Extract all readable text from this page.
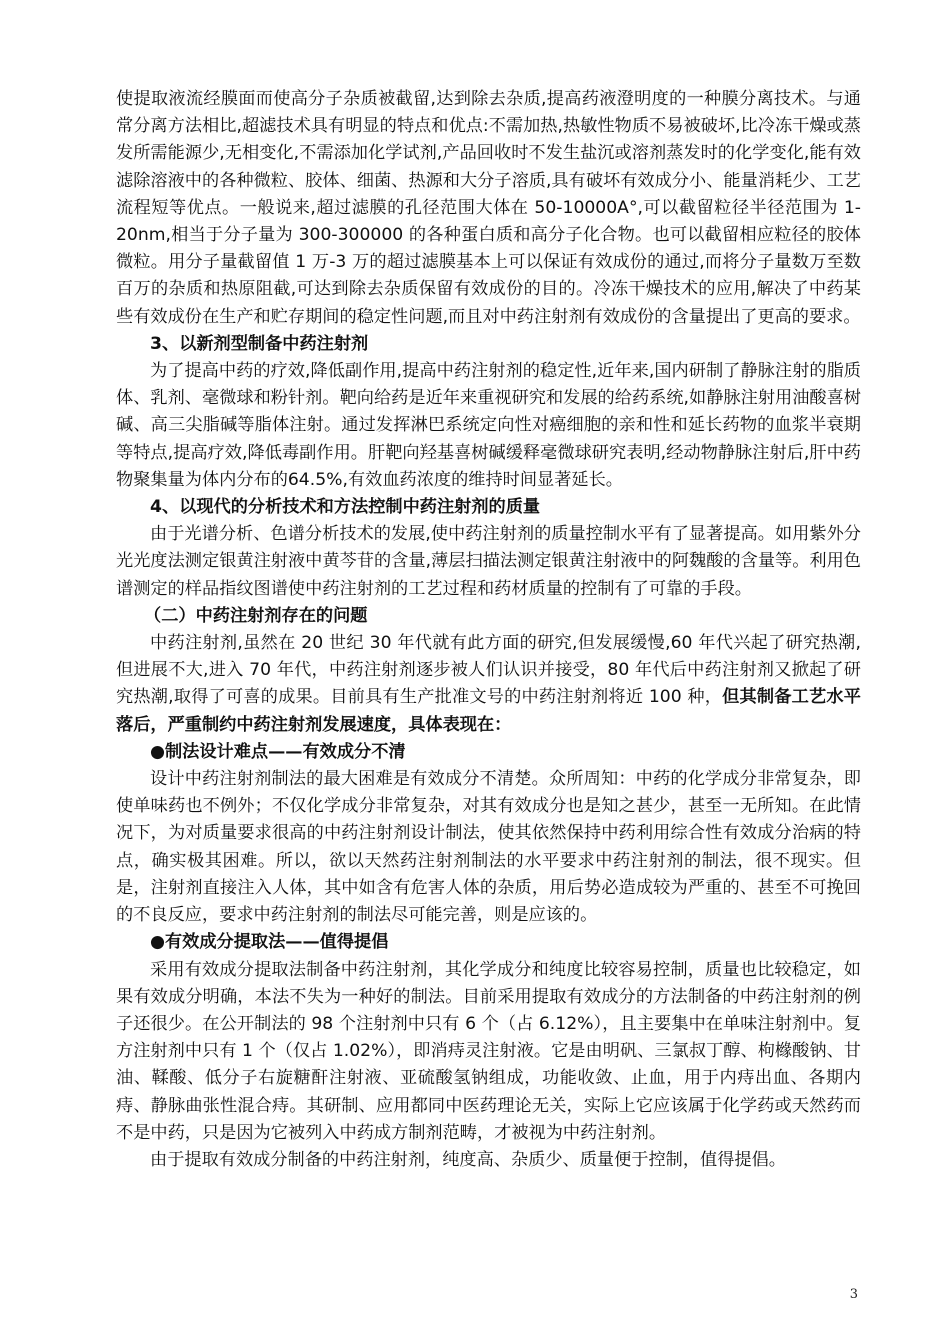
使提取液流经膜面而使高分子杂质被截留,达到除去杂质,提高药液澄明度的一种膜分离技术。与通常分离方法相比,超滤技术具有明显的特点和优点:不需加热,热敏性物质不易被破坏,比冷冻干燥或蒸发所需能源少,无相变化,不需添加化学试剂,产品回收时不发生盐沉或溶剂蒸发时的化学变化,能有效滤除溶液中的各种微粒、胶体、细菌、热源和大分子溶质,具有破坏有效成分小、能量消耗少、工艺流程短等优点。一般说来,超过滤膜的孔径范围大体在 50-10000A°,可以截留粒径半径范围为 1-20nm,相当于分子量为 300-300000 的各种蛋白质和高分子化合物。也可以截留相应粒径的胶体微粒。用分子量截留值 1 万-3 万的超过滤膜基本上可以保证有效成份的通过,而将分子量数万至数百万的杂质和热原阻截,可达到除去杂质保留有效成份的目的。冷冻干燥技术的应用,解决了中药某些有效成份在生产和贮存期间的稳定性问题,而且对中药注射剂有效成份的含量提出了更高的要求。

3、以新剂型制备中药注射剂

为了提高中药的疗效,降低副作用,提高中药注射剂的稳定性,近年来,国内研制了静脉注射的脂质体、乳剂、毫微球和粉针剂。靶向给药是近年来重视研究和发展的给药系统,如静脉注射用油酸喜树碱、高三尖脂碱等脂体注射。通过发挥淋巴系统定向性对癌细胞的亲和性和延长药物的血浆半衰期等特点,提高疗效,降低毒副作用。肝靶向羟基喜树碱缓释毫微球研究表明,经动物静脉注射后,肝中药物聚集量为体内分布的64.5%,有效血药浓度的维持时间显著延长。

4、以现代的分析技术和方法控制中药注射剂的质量

由于光谱分析、色谱分析技术的发展,使中药注射剂的质量控制水平有了显著提高。如用紫外分光光度法测定银黄注射液中黄芩苷的含量,薄层扫描法测定银黄注射液中的阿魏酸的含量等。利用色谱测定的样品指纹图谱使中药注射剂的工艺过程和药材质量的控制有了可靠的手段。

（二）中药注射剂存在的问题

中药注射剂,虽然在 20 世纪 30 年代就有此方面的研究,但发展缓慢,60 年代兴起了研究热潮,但进展不大,进入 70 年代，中药注射剂逐步被人们认识并接受，80 年代后中药注射剂又掀起了研究热潮,取得了可喜的成果。目前具有生产批准文号的中药注射剂将近 100 种，但其制备工艺水平落后，严重制约中药注射剂发展速度，具体表现在：

●制法设计难点——有效成分不清

设计中药注射剂制法的最大困难是有效成分不清楚。众所周知：中药的化学成分非常复杂，即使单味药也不例外；不仅化学成分非常复杂，对其有效成分也是知之甚少，甚至一无所知。在此情况下，为对质量要求很高的中药注射剂设计制法，使其依然保持中药利用综合性有效成分治病的特点，确实极其困难。所以，欲以天然药注射剂制法的水平要求中药注射剂的制法，很不现实。但是，注射剂直接注入人体，其中如含有危害人体的杂质，用后势必造成较为严重的、甚至不可挽回的不良反应，要求中药注射剂的制法尽可能完善，则是应该的。

●有效成分提取法——值得提倡

采用有效成分提取法制备中药注射剂，其化学成分和纯度比较容易控制，质量也比较稳定，如果有效成分明确，本法不失为一种好的制法。目前采用提取有效成分的方法制备的中药注射剂的例子还很少。在公开制法的 98 个注射剂中只有 6 个（占 6.12%），且主要集中在单味注射剂中。复方注射剂中只有 1 个（仅占 1.02%），即消痔灵注射液。它是由明矾、三氯叔丁醇、枸橼酸钠、甘油、鞣酸、低分子右旋糖酐注射液、亚硫酸氢钠组成，功能收敛、止血，用于内痔出血、各期内痔、静脉曲张性混合痔。其研制、应用都同中医药理论无关，实际上它应该属于化学药或天然药而不是中药，只是因为它被列入中药成方制剂范畴，才被视为中药注射剂。

由于提取有效成分制备的中药注射剂，纯度高、杂质少、质量便于控制，值得提倡。

3
